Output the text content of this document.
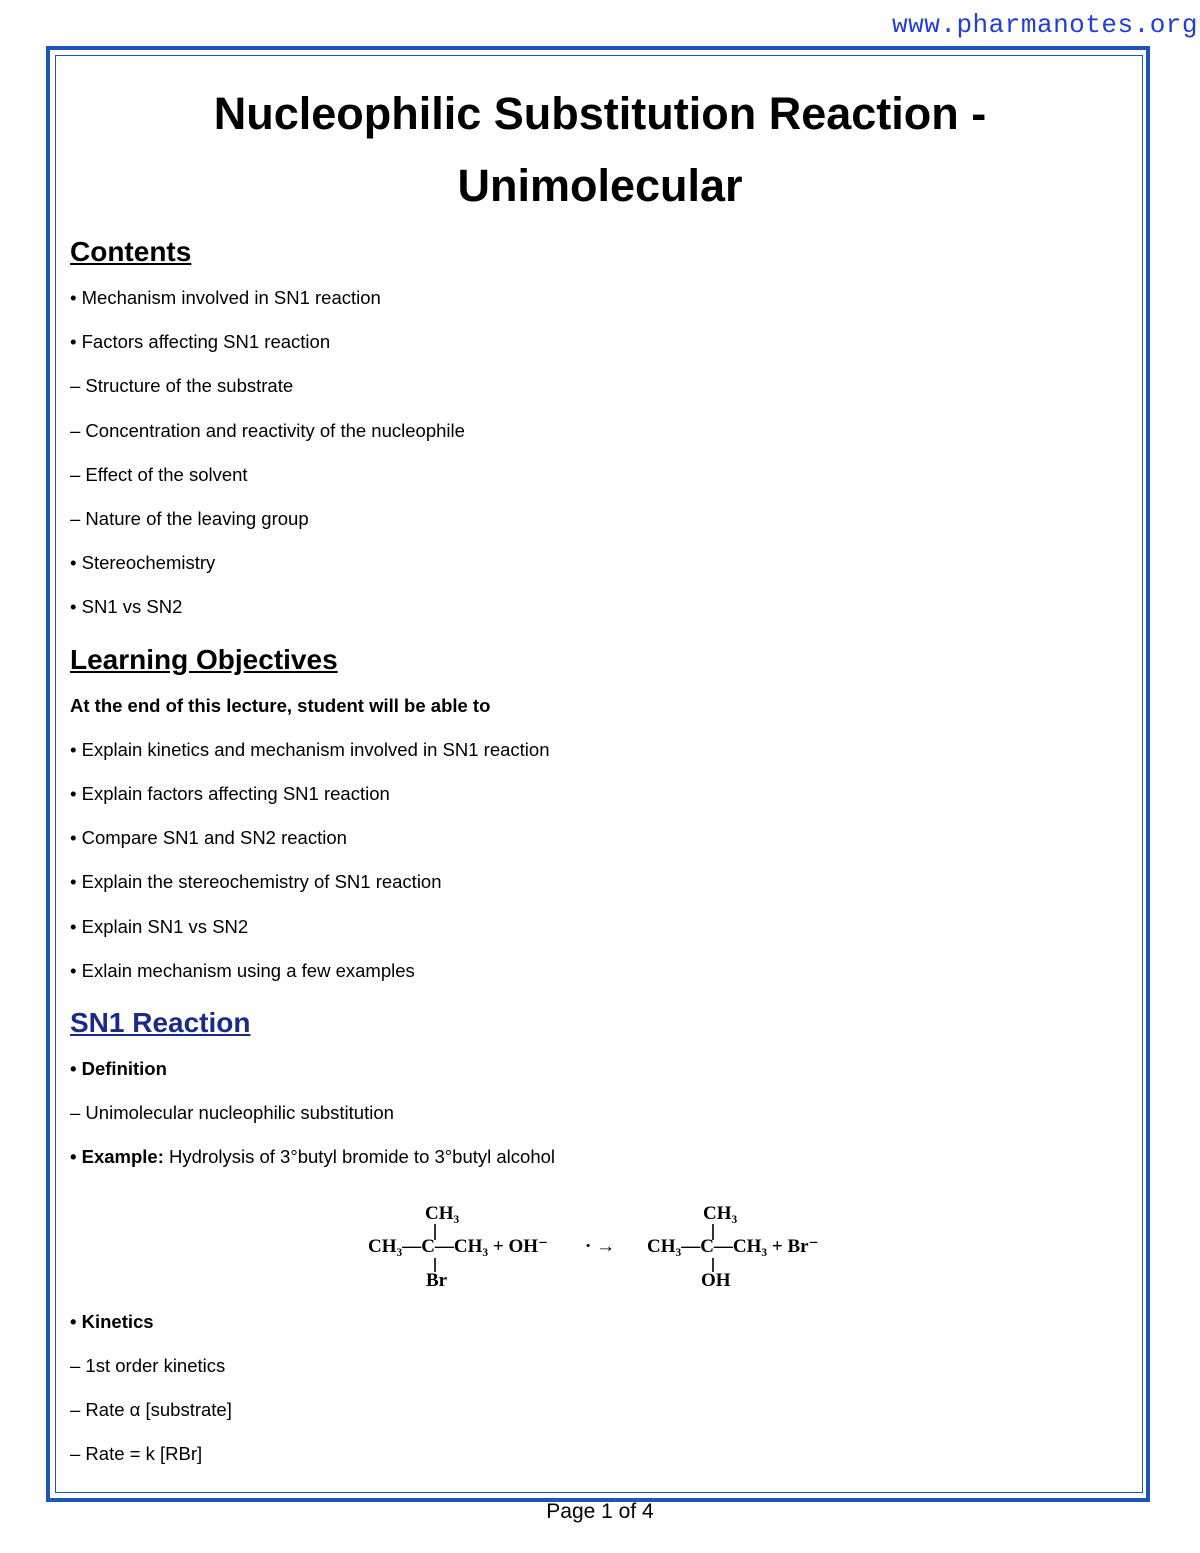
www.pharmanotes.org
Nucleophilic Substitution Reaction -
Unimolecular
Contents

• Mechanism involved in SN1 reaction

• Factors affecting SN1 reaction

– Structure of the substrate

– Concentration and reactivity of the nucleophile

– Effect of the solvent

– Nature of the leaving group

• Stereochemistry

• SN1 vs SN2

Learning Objectives

At the end of this lecture, student will be able to

• Explain kinetics and mechanism involved in SN1 reaction

• Explain factors affecting SN1 reaction

• Compare SN1 and SN2 reaction

• Explain the stereochemistry of SN1 reaction

• Explain SN1 vs SN2

• Exlain mechanism using a few examples

SN1 Reaction

• Definition

– Unimolecular nucleophilic substitution

• Example: Hydrolysis of 3°butyl bromide to 3°butyl alcohol

CH₃
CH₃—C—CH₃ + OH⁻
Br
· →
CH₃
CH₃—C—CH₃ + Br⁻
OH

• Kinetics

– 1st order kinetics

– Rate α [substrate]

– Rate = k [RBr]

Page 1 of 4
